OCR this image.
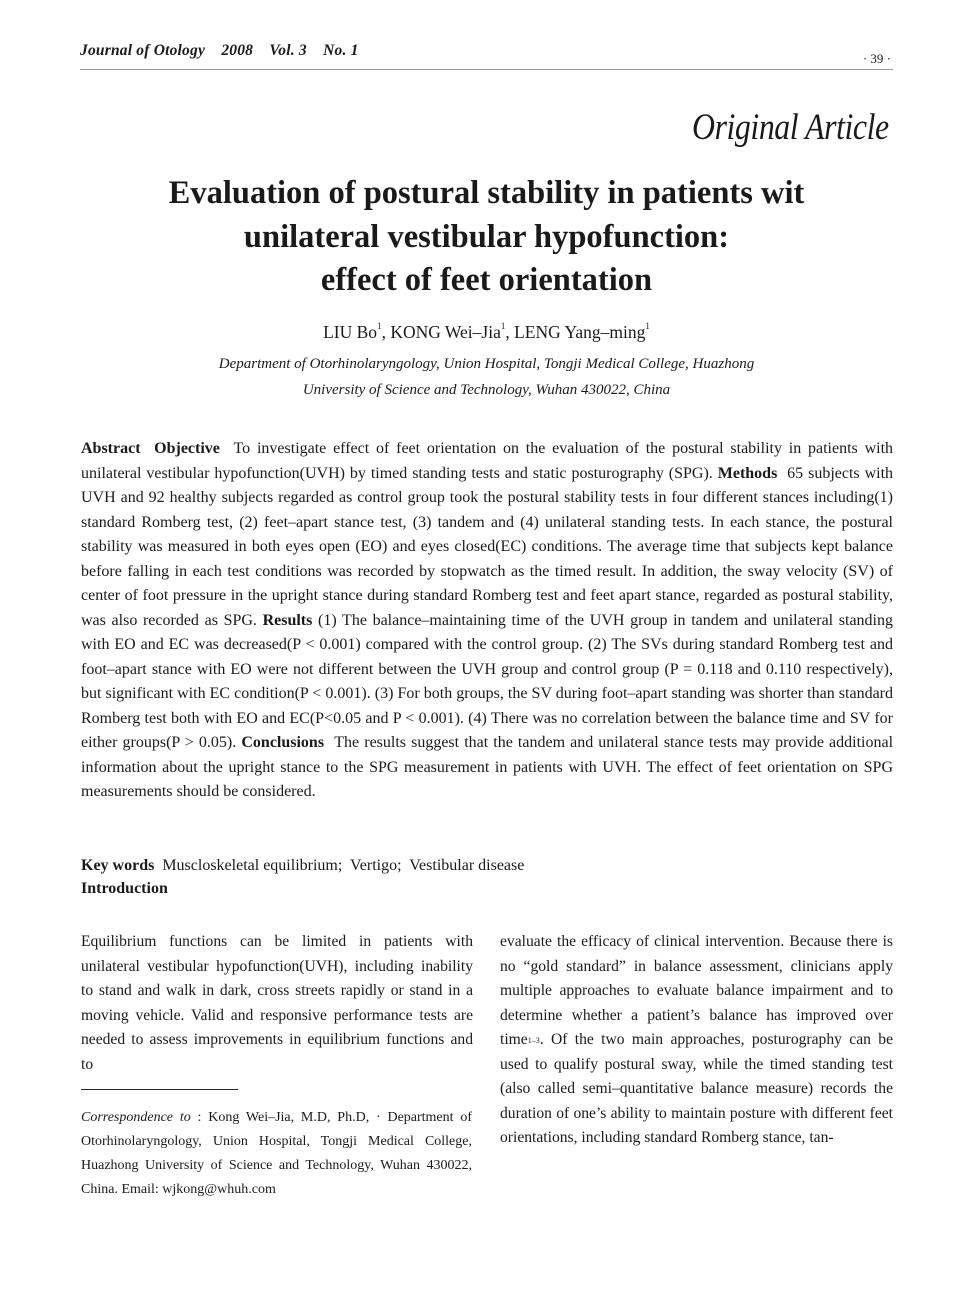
Journal of Otology    2008    Vol. 3    No. 1	· 39 ·
Original Article
Evaluation of postural stability in patients wit
unilateral vestibular hypofunction:
effect of feet orientation
LIU Bo$^1$, KONG Wei–Jia$^1$, LENG Yang–ming$^1$
Department of Otorhinolaryngology, Union Hospital, Tongji Medical College, Huazhong
University of Science and Technology, Wuhan 430022, China
Abstract Objective To investigate effect of feet orientation on the evaluation of the postural stability in patients with unilateral vestibular hypofunction(UVH) by timed standing tests and static posturography (SPG). Methods 65 subjects with UVH and 92 healthy subjects regarded as control group took the postural stability tests in four different stances including(1) standard Romberg test, (2) feet–apart stance test, (3) tandem and (4) unilateral standing tests. In each stance, the postural stability was measured in both eyes open (EO) and eyes closed(EC) conditions. The average time that subjects kept balance before falling in each test conditions was recorded by stopwatch as the timed result. In addition, the sway velocity (SV) of center of foot pressure in the upright stance during standard Romberg test and feet apart stance, regarded as postural stability, was also recorded as SPG. Results (1) The balance–maintaining time of the UVH group in tandem and unilateral standing with EO and EC was decreased(P < 0.001) compared with the control group. (2) The SVs during standard Romberg test and foot–apart stance with EO were not different between the UVH group and control group (P = 0.118 and 0.110 respectively), but significant with EC condition(P < 0.001). (3) For both groups, the SV during foot–apart standing was shorter than standard Romberg test both with EO and EC(P<0.05 and P < 0.001). (4) There was no correlation between the balance time and SV for either groups(P > 0.05). Conclusions The results suggest that the tandem and unilateral stance tests may provide additional information about the upright stance to the SPG measurement in patients with UVH. The effect of feet orientation on SPG measurements should be considered.
Key words Muscloskeletal equilibrium;  Vertigo;  Vestibular disease
Introduction
Equilibrium functions can be limited in patients with unilateral vestibular hypofunction(UVH), including inability to stand and walk in dark, cross streets rapidly or stand in a moving vehicle. Valid and responsive performance tests are needed to assess improvements in equilibrium functions and to
evaluate the efficacy of clinical intervention. Because there is no “gold standard” in balance assessment, clinicians apply multiple approaches to evaluate balance impairment and to determine whether a patient’s balance has improved over time$^{1-3}$. Of the two main approaches, posturography can be used to qualify postural sway, while the timed standing test (also called semi–quantitative balance measure) records the duration of one’s ability to maintain posture with different feet orientations, including standard Romberg stance, tan-
Correspondence to : Kong Wei–Jia, M.D, Ph.D, · Department of Otorhinolaryngology, Union Hospital, Tongji Medical College, Huazhong University of Science and Technology, Wuhan 430022, China. Email: wjkong@whuh.com
